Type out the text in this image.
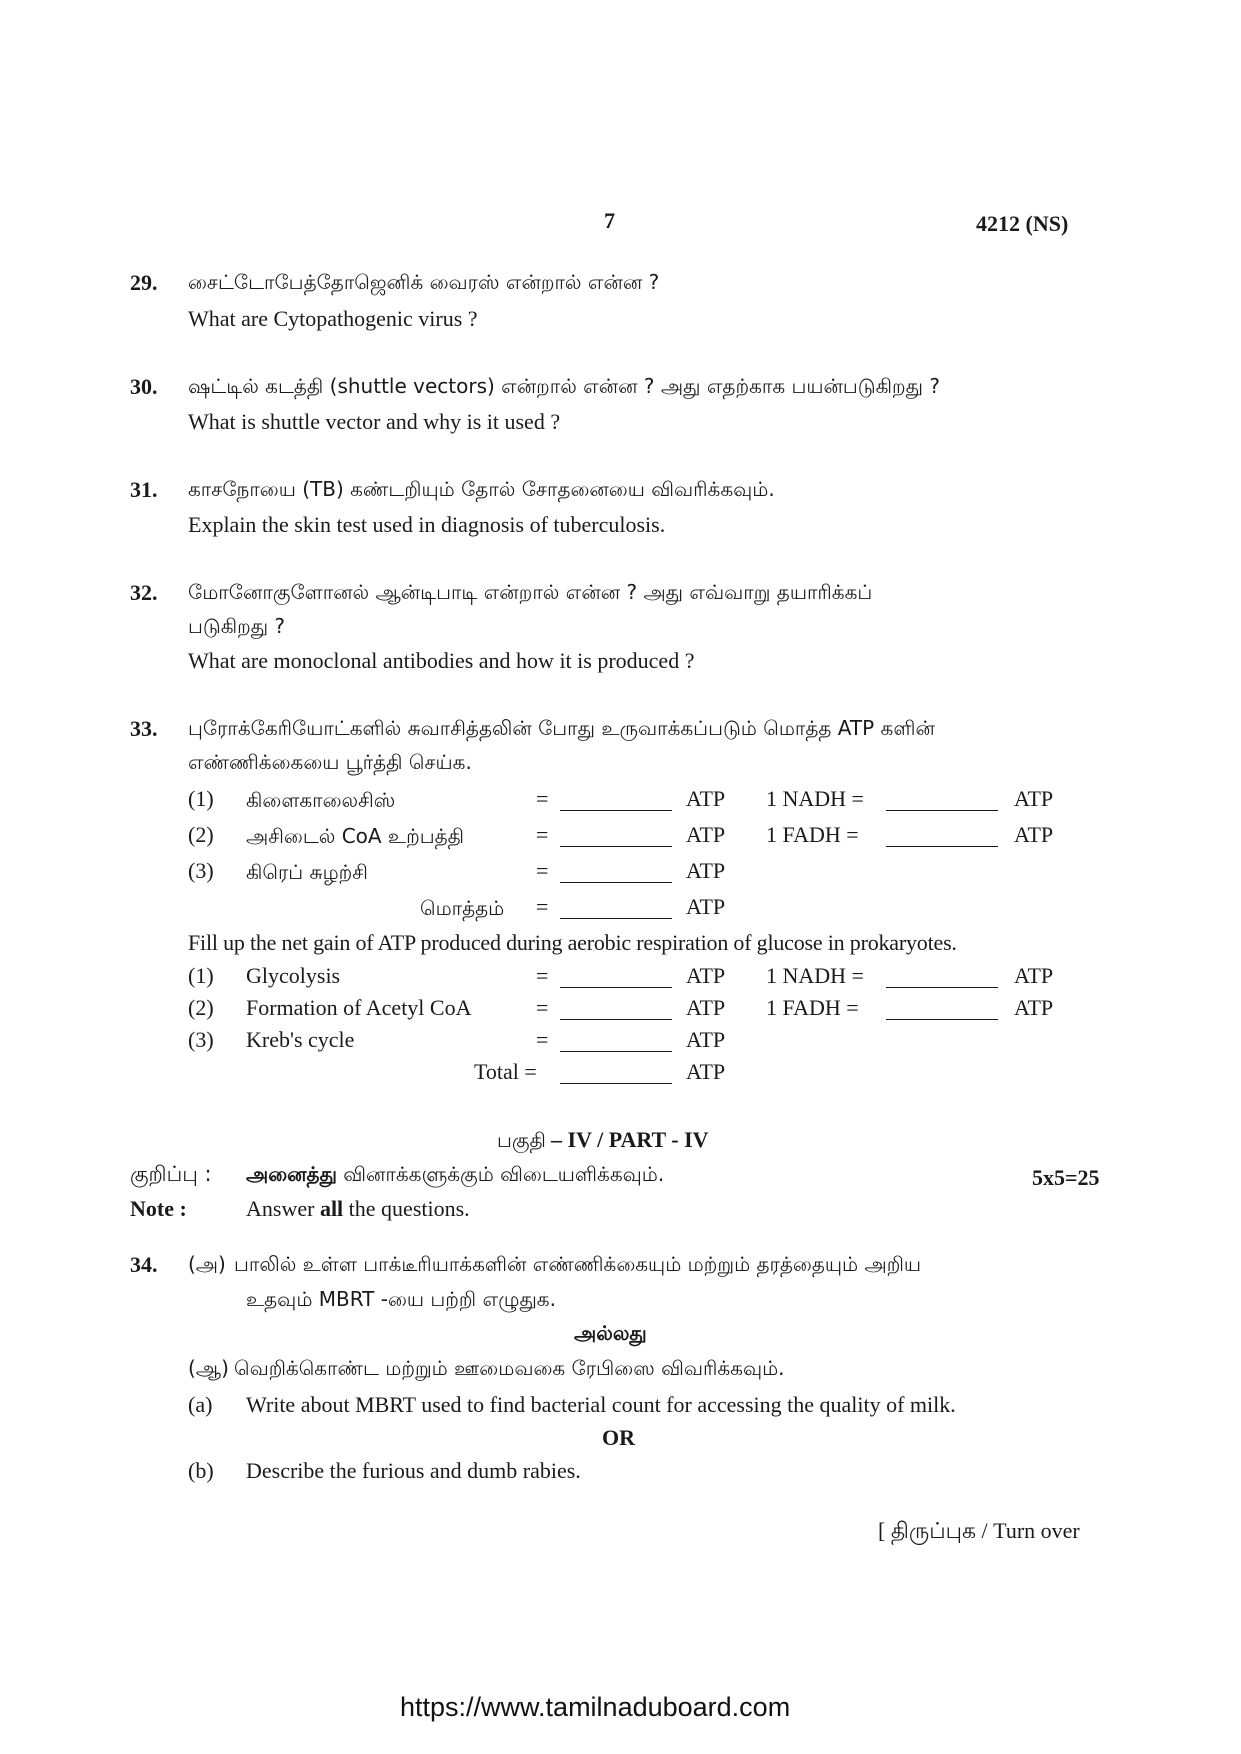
7	4212 (NS)
29. சைட்டோபேத்தோஜெனிக் வைரஸ் என்றால் என்ன ?
What are Cytopathogenic virus ?
30. ஷட்டில் கடத்தி (shuttle vectors) என்றால் என்ன ? அது எதற்காக பயன்படுகிறது ?
What is shuttle vector and why is it used ?
31. காசநோயை (TB) கண்டறியும் தோல் சோதனையை விவரிக்கவும்.
Explain the skin test used in diagnosis of tuberculosis.
32. மோனோகுளோனல் ஆன்டிபாடி என்றால் என்ன ? அது எவ்வாறு தயாரிக்கப்
படுகிறது ?
What are monoclonal antibodies and how it is produced ?
33. புரோக்கேரியோட்களில் சுவாசித்தலின் போது உருவாக்கப்படும் மொத்த ATP களின்
எண்ணிக்கையை பூர்த்தி செய்க.
(1) கிளைகாலைசிஸ்	=	ATP 1 NADH =	ATP
(2) அசிடைல் CoA உற்பத்தி	=	ATP 1 FADH =	ATP
(3) கிரெப் சுழற்சி	=	ATP
மொத்தம் =	ATP
Fill up the net gain of ATP produced during aerobic respiration of glucose in prokaryotes.
(1) Glycolysis	=	ATP 1 NADH =	ATP
(2) Formation of Acetyl CoA	=	ATP 1 FADH =	ATP
(3) Kreb's cycle	=	ATP
Total =	ATP
பகுதி – IV / PART - IV
குறிப்பு : அனைத்து வினாக்களுக்கும் விடையளிக்கவும்.	5x5=25
Note :	Answer all the questions.
34. (அ) பாலில் உள்ள பாக்டீரியாக்களின் எண்ணிக்கையும் மற்றும் தரத்தையும் அறிய
உதவும் MBRT -யை பற்றி எழுதுக.
அல்லது
(ஆ) வெறிக்கொண்ட மற்றும் ஊமைவகை ரேபிஸை விவரிக்கவும்.
(a) Write about MBRT used to find bacterial count for accessing the quality of milk.
OR
(b) Describe the furious and dumb rabies.
[ திருப்புக / Turn over
https://www.tamilnaduboard.com
